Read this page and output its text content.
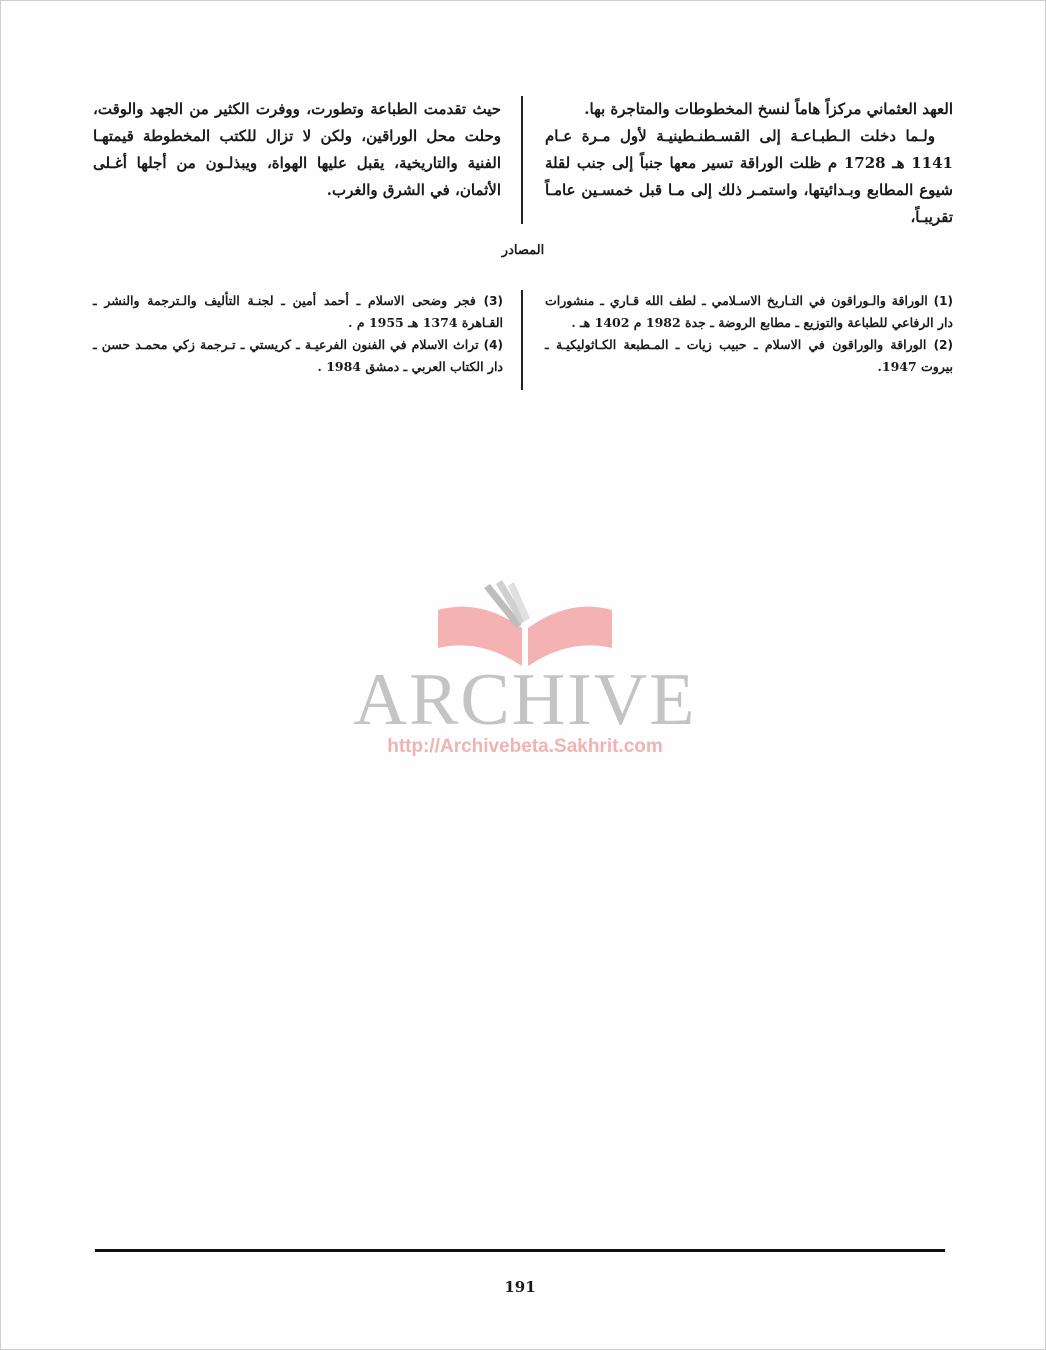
العهد العثماني مركزاً هاماً لنسخ المخطوطات والمتاجرة بها.

ولـما دخلت الـطبـاعـة إلى القسـطنـطينيـة لأول مـرة عـام 1141 هـ 1728 م ظلت الوراقة تسير معها جنباً إلى جنب لقلة شيوع المطابع وبـدائيتها، واستمـر ذلك إلى مـا قبل خمسـين عامـاً تقريبـاً،

حيث تقدمت الطباعة وتطورت، ووفرت الكثير من الجهد والوقت، وحلت محل الوراقين، ولكن لا تزال للكتب المخطوطة قيمتهـا الفنية والتاريخية، يقبل عليها الهواة، ويبذلـون من أجلها أغـلى الأثمان، في الشرق والغرب.

المصادر

(1) الوراقة والـوراقون في التـاريخ الاسـلامي ـ لطف الله قـاري ـ منشورات دار الرفاعي للطباعة والتوزيع ـ مطابع الروضة ـ جدة 1982 م 1402 هـ .

(2) الوراقة والوراقون في الاسلام ـ حبيب زيات ـ المـطبعة الكـاثوليكيـة ـ بيروت 1947.

(3) فجر وضحى الاسلام ـ أحمد أمين ـ لجنـة التأليف والـترجمة والنشر ـ القـاهرة 1374 هـ 1955 م .

(4) تراث الاسلام في الفنون الفرعيـة ـ كريستي ـ تـرجمة زكي محمـد حسن ـ دار الكتاب العربي ـ دمشق 1984 .

ARCHIVE
http://Archivebeta.Sakhrit.com
191
